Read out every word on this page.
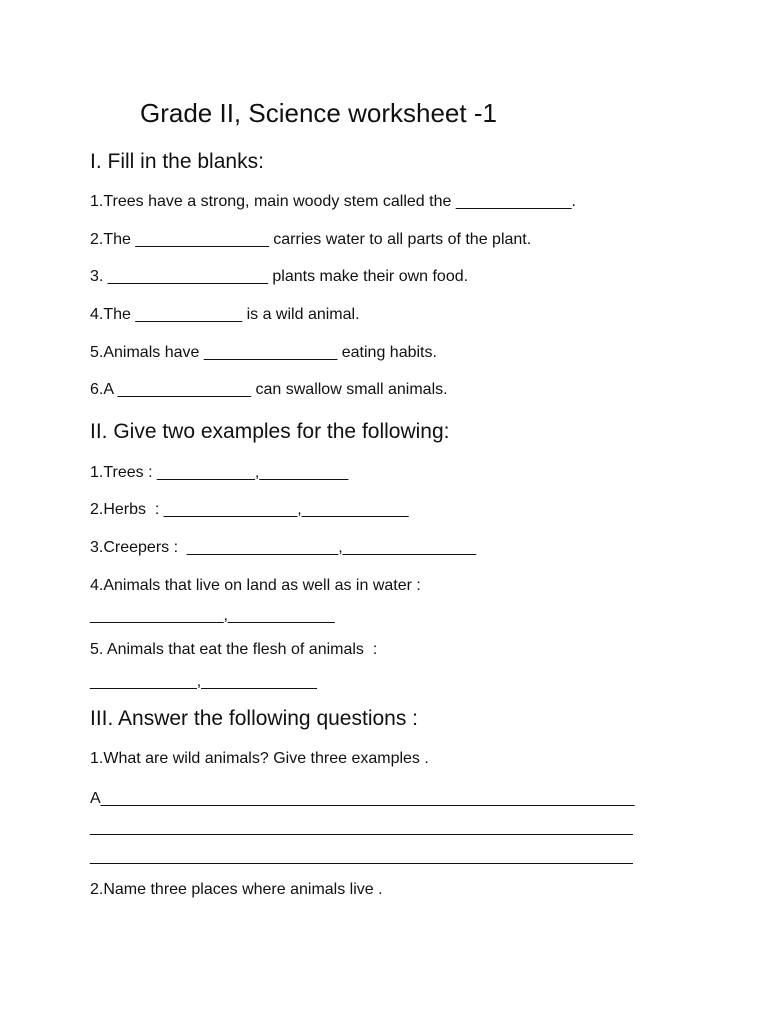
Grade II, Science worksheet -1
I. Fill in the blanks:
1.Trees have a strong, main woody stem called the _____________.
2.The _______________ carries water to all parts of the plant.
3. __________________ plants make their own food.
4.The ____________ is a wild animal.
5.Animals have _______________ eating habits.
6.A _______________ can swallow small animals.
II. Give two examples for the following:
1.Trees : ___________,__________
2.Herbs  : _______________,____________
3.Creepers :  _________________,_______________
4.Animals that live on land as well as in water :
_______________,____________
5. Animals that eat the flesh of animals  :
____________,_____________
III. Answer the following questions :
1.What are wild animals? Give three examples .
A____________________________________________________________
_____________________________________________________________
_____________________________________________________________
2.Name three places where animals live .
